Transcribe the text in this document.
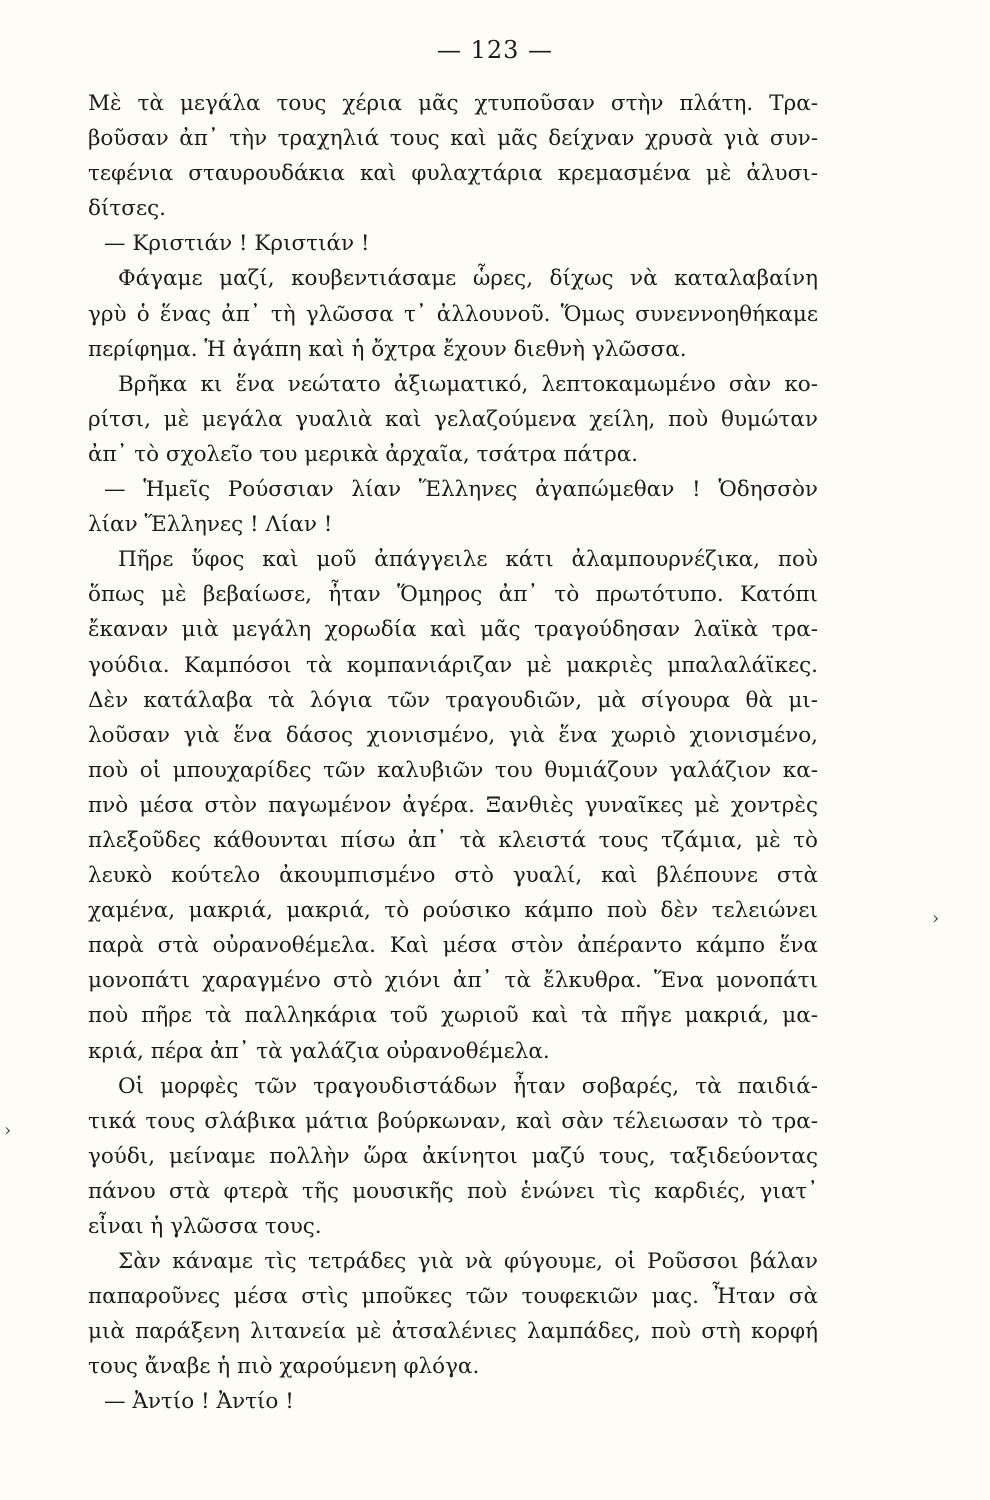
— 123 —
Μὲ τὰ μεγάλα τους χέρια μᾶς χτυποῦσαν στὴν πλάτη. Τρα-
βοῦσαν ἀπ᾽ τὴν τραχηλιά τους καὶ μᾶς δείχναν χρυσὰ γιὰ συν-
τεφένια σταυρουδάκια καὶ φυλαχτάρια κρεμασμένα μὲ ἀλυσι-
δίτσες.
— Κριστιάν ! Κριστιάν !
Φάγαμε μαζί, κουβεντιάσαμε ὧρες, δίχως νὰ καταλαβαίνη
γρὺ ὁ ἕνας ἀπ᾽ τὴ γλῶσσα τ᾽ ἀλλουνοῦ. Ὅμως συνεννοηθήκαμε
περίφημα. Ἡ ἀγάπη καὶ ἡ ὄχτρα ἔχουν διεθνὴ γλῶσσα.
Βρῆκα κι ἕνα νεώτατο ἀξιωματικό, λεπτοκαμωμένο σὰν κο-
ρίτσι, μὲ μεγάλα γυαλιὰ καὶ γελαζούμενα χείλη, ποὺ θυμώταν
ἀπ᾽ τὸ σχολεῖο του μερικὰ ἀρχαῖα, τσάτρα πάτρα.
— Ἡμεῖς Ρούσσιαν λίαν Ἕλληνες ἀγαπώμεθαν ! Ὁδησσὸν
λίαν Ἕλληνες ! Λίαν !
Πῆρε ὕφος καὶ μοῦ ἀπάγγειλε κάτι ἀλαμπουρνέζικα, ποὺ
ὅπως μὲ βεβαίωσε, ἦταν Ὅμηρος ἀπ᾽ τὸ πρωτότυπο. Κατόπι
ἔκαναν μιὰ μεγάλη χορωδία καὶ μᾶς τραγούδησαν λαϊκὰ τρα-
γούδια. Καμπόσοι τὰ κομπανιάριζαν μὲ μακριὲς μπαλαλάϊκες.
Δὲν κατάλαβα τὰ λόγια τῶν τραγουδιῶν, μὰ σίγουρα θὰ μι-
λοῦσαν γιὰ ἕνα δάσος χιονισμένο, γιὰ ἕνα χωριὸ χιονισμένο,
ποὺ οἱ μπουχαρίδες τῶν καλυβιῶν του θυμιάζουν γαλάζιον κα-
πνὸ μέσα στὸν παγωμένον ἀγέρα. Ξανθιὲς γυναῖκες μὲ χοντρὲς
πλεξοῦδες κάθουνται πίσω ἀπ᾽ τὰ κλειστά τους τζάμια, μὲ τὸ
λευκὸ κούτελο ἀκουμπισμένο στὸ γυαλί, καὶ βλέπουνε στὰ
χαμένα, μακριά, μακριά, τὸ ρούσικο κάμπο ποὺ δὲν τελειώνει
παρὰ στὰ οὐρανοθέμελα. Καὶ μέσα στὸν ἀπέραντο κάμπο ἕνα
μονοπάτι χαραγμένο στὸ χιόνι ἀπ᾽ τὰ ἔλκυθρα. Ἕνα μονοπάτι
ποὺ πῆρε τὰ παλληκάρια τοῦ χωριοῦ καὶ τὰ πῆγε μακριά, μα-
κριά, πέρα ἀπ᾽ τὰ γαλάζια οὐρανοθέμελα.
Οἱ μορφὲς τῶν τραγουδιστάδων ἦταν σοβαρές, τὰ παιδιά-
τικά τους σλάβικα μάτια βούρκωναν, καὶ σὰν τέλειωσαν τὸ τρα-
γούδι, μείναμε πολλὴν ὥρα ἀκίνητοι μαζύ τους, ταξιδεύοντας
πάνου στὰ φτερὰ τῆς μουσικῆς ποὺ ἑνώνει τὶς καρδιές, γιατ᾽
εἶναι ἡ γλῶσσα τους.
Σὰν κάναμε τὶς τετράδες γιὰ νὰ φύγουμε, οἱ Ροῦσσοι βάλαν
παπαροῦνες μέσα στὶς μποῦκες τῶν τουφεκιῶν μας. Ἦταν σὰ
μιὰ παράξενη λιτανεία μὲ ἀτσαλένιες λαμπάδες, ποὺ στὴ κορφή
τους ἄναβε ἡ πιὸ χαρούμενη φλόγα.
— Ἀντίο ! Ἀντίο !
›
›
